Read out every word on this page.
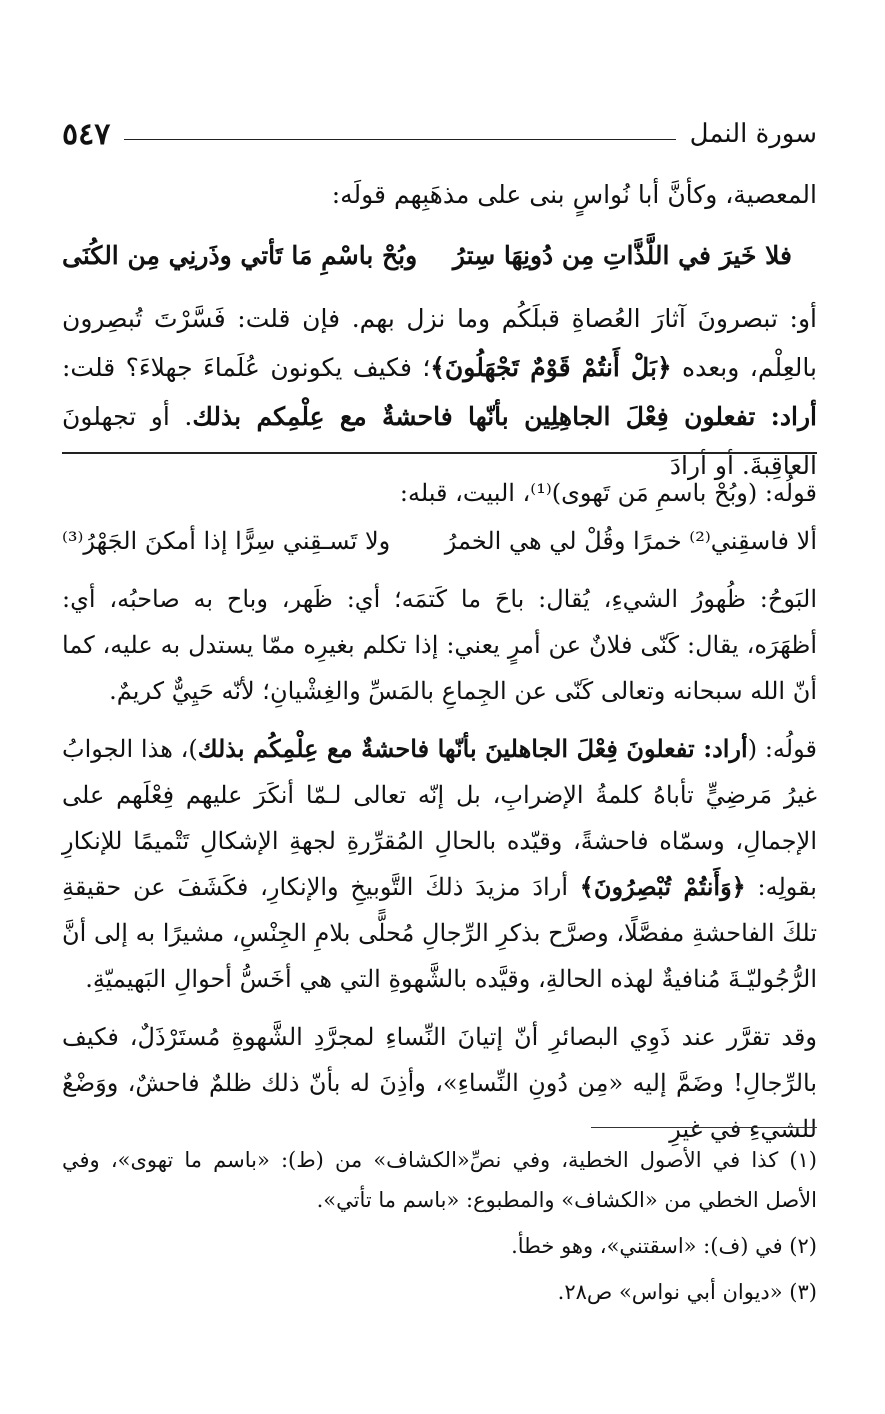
٥٤٧	سورة النمل

المعصية، وكأنَّ أبا نُواسٍ بنى على مذهَبِهم قولَه:

فلا خَيرَ في اللَّذَّاتِ مِن دُونِهَا سِترُ
وبُحْ باسْمِ مَا تَأتي وذَرنِي مِن الكُنَى

أو: تبصرونَ آثارَ العُصاةِ قبلَكُم وما نزل بهم. فإن قلت: فَسَّرْتَ تُبصِرون بالعِلْم، وبعده ﴿بَلْ أَنتُمْ قَوْمٌ تَجْهَلُونَ﴾؛ فكيف يكونون عُلَماءَ جهلاءَ؟ قلت: أراد: تفعلون فِعْلَ الجاهِلِين بأنّها فاحشةٌ مع عِلْمِكم بذلك. أو تجهلونَ العاقِبةَ. أو أرادَ

قولُه: (وبُحْ باسمِ مَن تَهوى)⁽¹⁾، البيت، قبله:

ألا فاسقِني⁽²⁾ خمرًا وقُلْ لي هي الخمرُ
ولا تَسـقِني سِرًّا إذا أمكنَ الجَهْرُ⁽³⁾

البَوحُ: ظُهورُ الشيءِ، يُقال: باحَ ما كَتمَه؛ أي: ظَهر، وباح به صاحبُه، أي: أظهَرَه، يقال: كَنّى فلانٌ عن أمرٍ يعني: إذا تكلم بغيرِه ممّا يستدل به عليه، كما أنّ الله سبحانه وتعالى كَنّى عن الجِماعِ بالمَسِّ والغِشْيانِ؛ لأنّه حَيِيٌّ كريمٌ.

قولُه: (أراد: تفعلونَ فِعْلَ الجاهلينَ بأنّها فاحشةٌ مع عِلْمِكُم بذلك)، هذا الجوابُ غيرُ مَرضِيٍّ تأباهُ كلمةُ الإضرابِ، بل إنّه تعالى لـمّا أنكَرَ عليهم فِعْلَهم على الإجمالِ، وسمّاه فاحشةً، وقيّده بالحالِ المُقرِّرةِ لجهةِ الإشكالِ تَتْميمًا للإنكارِ بقولِه: ﴿وَأَنتُمْ تُبْصِرُونَ﴾ أرادَ مزيدَ ذلكَ التَّوبيخِ والإنكارِ، فكَشَفَ عن حقيقةِ تلكَ الفاحشةِ مفصَّلًا، وصرَّح بذكرِ الرِّجالِ مُحلًّى بلامِ الجِنْسِ، مشيرًا به إلى أنَّ الرُّجُوليّـةَ مُنافيةٌ لهذه الحالةِ، وقيَّده بالشَّهوةِ التي هي أخَسُّ أحوالِ البَهيميّةِ.

وقد تقرَّر عند ذَوِي البصائرِ أنّ إتيانَ النِّساءِ لمجرَّدِ الشَّهوةِ مُستَرْذَلٌ، فكيف بالرِّجالِ! وضَمَّ إليه «مِن دُونِ النِّساءِ»، وأذِنَ له بأنّ ذلك ظلمٌ فاحشٌ، ووَضْعٌ للشيءِ في غيرِ

(١) كذا في الأصول الخطية، وفي نصِّ«الكشاف» من (ط): «باسم ما تهوى»، وفي الأصل الخطي من «الكشاف» والمطبوع: «باسم ما تأتي».

(٢) في (ف): «اسقتني»، وهو خطأ.

(٣) «ديوان أبي نواس» ص٢٨.
